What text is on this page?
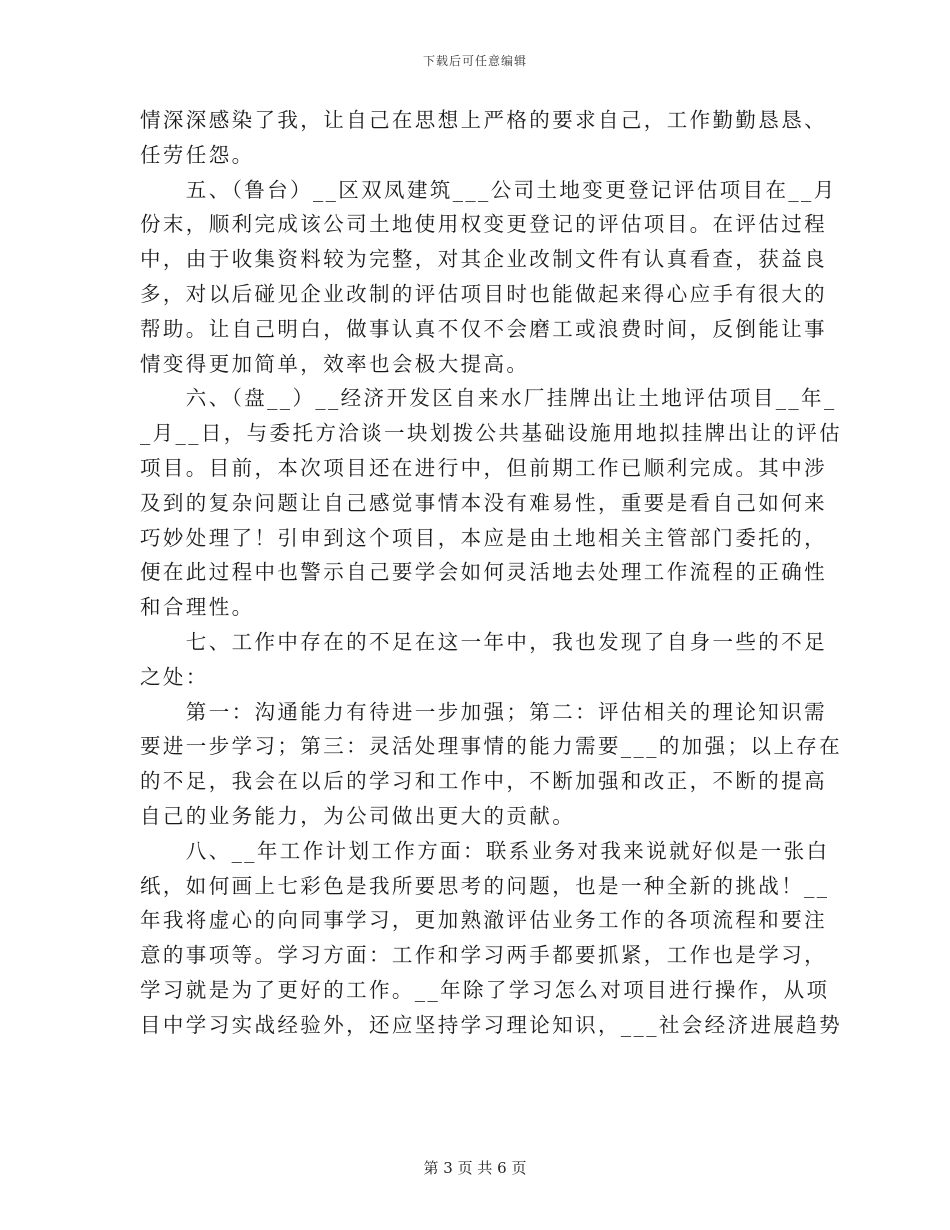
下载后可任意编辑

情深深感染了我，让自己在思想上严格的要求自己，工作勤勤恳恳、

任劳任怨。

　　五、（鲁台）__区双凤建筑___公司土地变更登记评估项目在__月

份末，顺利完成该公司土地使用权变更登记的评估项目。在评估过程

中，由于收集资料较为完整，对其企业改制文件有认真看查，获益良

多，对以后碰见企业改制的评估项目时也能做起来得心应手有很大的

帮助。让自己明白，做事认真不仅不会磨工或浪费时间，反倒能让事

情变得更加简单，效率也会极大提高。

　　六、（盘__）__经济开发区自来水厂挂牌出让土地评估项目__年_

_月__日，与委托方洽谈一块划拨公共基础设施用地拟挂牌出让的评估

项目。目前，本次项目还在进行中，但前期工作已顺利完成。其中涉

及到的复杂问题让自己感觉事情本没有难易性，重要是看自己如何来

巧妙处理了！引申到这个项目，本应是由土地相关主管部门委托的，

便在此过程中也警示自己要学会如何灵活地去处理工作流程的正确性

和合理性。

　　七、工作中存在的不足在这一年中，我也发现了自身一些的不足

之处：

　　第一：沟通能力有待进一步加强；第二：评估相关的理论知识需

要进一步学习；第三：灵活处理事情的能力需要___的加强；以上存在

的不足，我会在以后的学习和工作中，不断加强和改正，不断的提高

自己的业务能力，为公司做出更大的贡献。

　　八、__年工作计划工作方面：联系业务对我来说就好似是一张白

纸，如何画上七彩色是我所要思考的问题，也是一种全新的挑战！__

年我将虚心的向同事学习，更加熟澈评估业务工作的各项流程和要注

意的事项等。学习方面：工作和学习两手都要抓紧，工作也是学习，

学习就是为了更好的工作。__年除了学习怎么对项目进行操作，从项

目中学习实战经验外，还应坚持学习理论知识，___社会经济进展趋势

第 3 页 共 6 页
